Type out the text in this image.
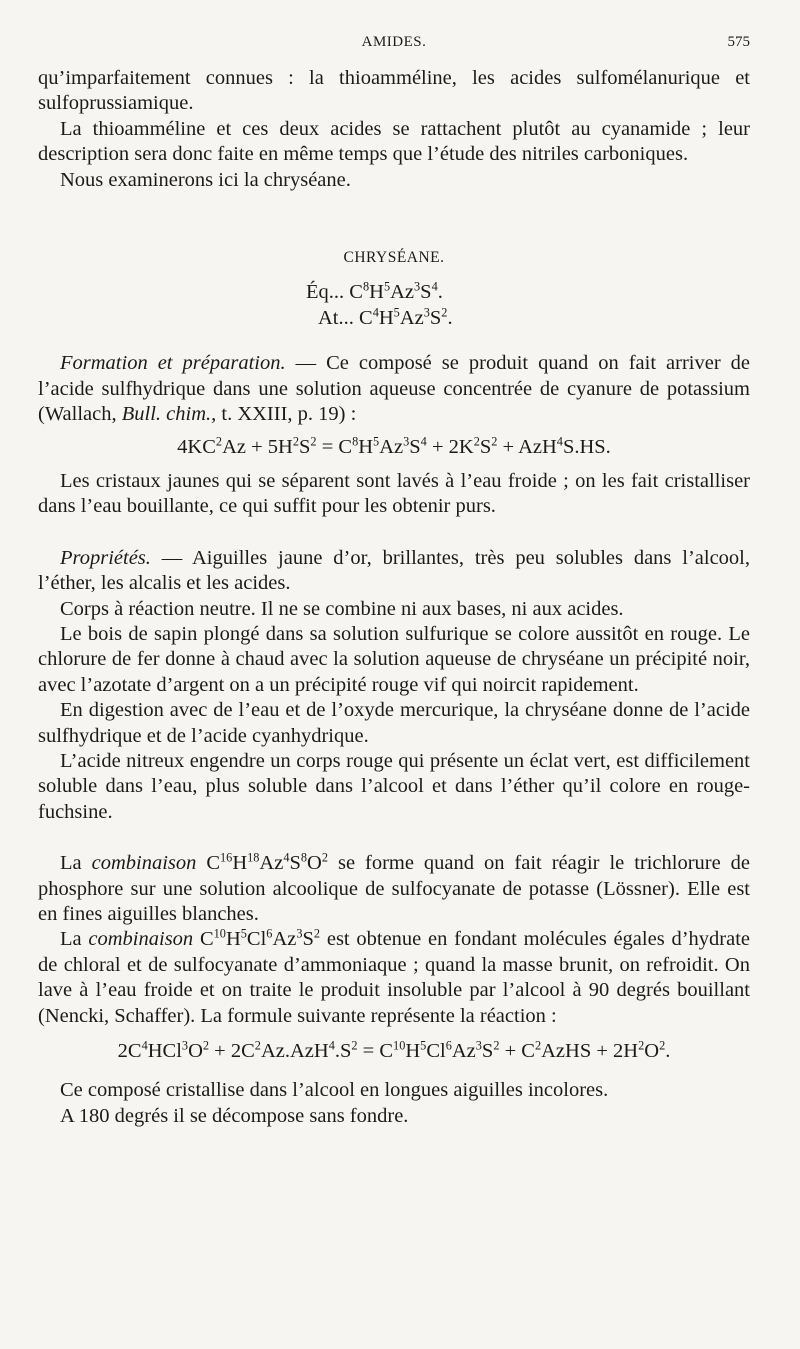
AMIDES.	575

qu’imparfaitement connues : la thioamméline, les acides sulfomélanurique et sulfoprussiamique.

La thioamméline et ces deux acides se rattachent plutôt au cyanamide ; leur description sera donc faite en même temps que l’étude des nitriles carboniques.

Nous examinerons ici la chryséane.

CHRYSÉANE.

Éq... $C^8H^5Az^3S^4$.

At... $C^4H^5Az^3S^2$.

Formation et préparation. — Ce composé se produit quand on fait arriver de l’acide sulfhydrique dans une solution aqueuse concentrée de cyanure de potassium (Wallach, Bull. chim., t. XXIII, p. 19) :

$4KC^2Az + 5H^2S^2 = C^8H^5Az^3S^4 + 2K^2S^2 + AzH^4S.HS$.

Les cristaux jaunes qui se séparent sont lavés à l’eau froide ; on les fait cristalliser dans l’eau bouillante, ce qui suffit pour les obtenir purs.

Propriétés. — Aiguilles jaune d’or, brillantes, très peu solubles dans l’alcool, l’éther, les alcalis et les acides.

Corps à réaction neutre. Il ne se combine ni aux bases, ni aux acides.

Le bois de sapin plongé dans sa solution sulfurique se colore aussitôt en rouge. Le chlorure de fer donne à chaud avec la solution aqueuse de chryséane un précipité noir, avec l’azotate d’argent on a un précipité rouge vif qui noircit rapidement.

En digestion avec de l’eau et de l’oxyde mercurique, la chryséane donne de l’acide sulfhydrique et de l’acide cyanhydrique.

L’acide nitreux engendre un corps rouge qui présente un éclat vert, est difficilement soluble dans l’eau, plus soluble dans l’alcool et dans l’éther qu’il colore en rouge-fuchsine.

La combinaison $C^{16}H^{18}Az^4S^8O^2$ se forme quand on fait réagir le trichlorure de phosphore sur une solution alcoolique de sulfocyanate de potasse (Lössner). Elle est en fines aiguilles blanches.

La combinaison $C^{10}H^5Cl^6Az^3S^2$ est obtenue en fondant molécules égales d’hydrate de chloral et de sulfocyanate d’ammoniaque ; quand la masse brunit, on refroidit. On lave à l’eau froide et on traite le produit insoluble par l’alcool à 90 degrés bouillant (Nencki, Schaffer). La formule suivante représente la réaction :

$2C^4HCl^3O^2 + 2C^2Az.AzH^4.S^2 = C^{10}H^5Cl^6Az^3S^2$ + $C^2AzHS + 2H^2O^2$.

Ce composé cristallise dans l’alcool en longues aiguilles incolores.

A 180 degrés il se décompose sans fondre.
